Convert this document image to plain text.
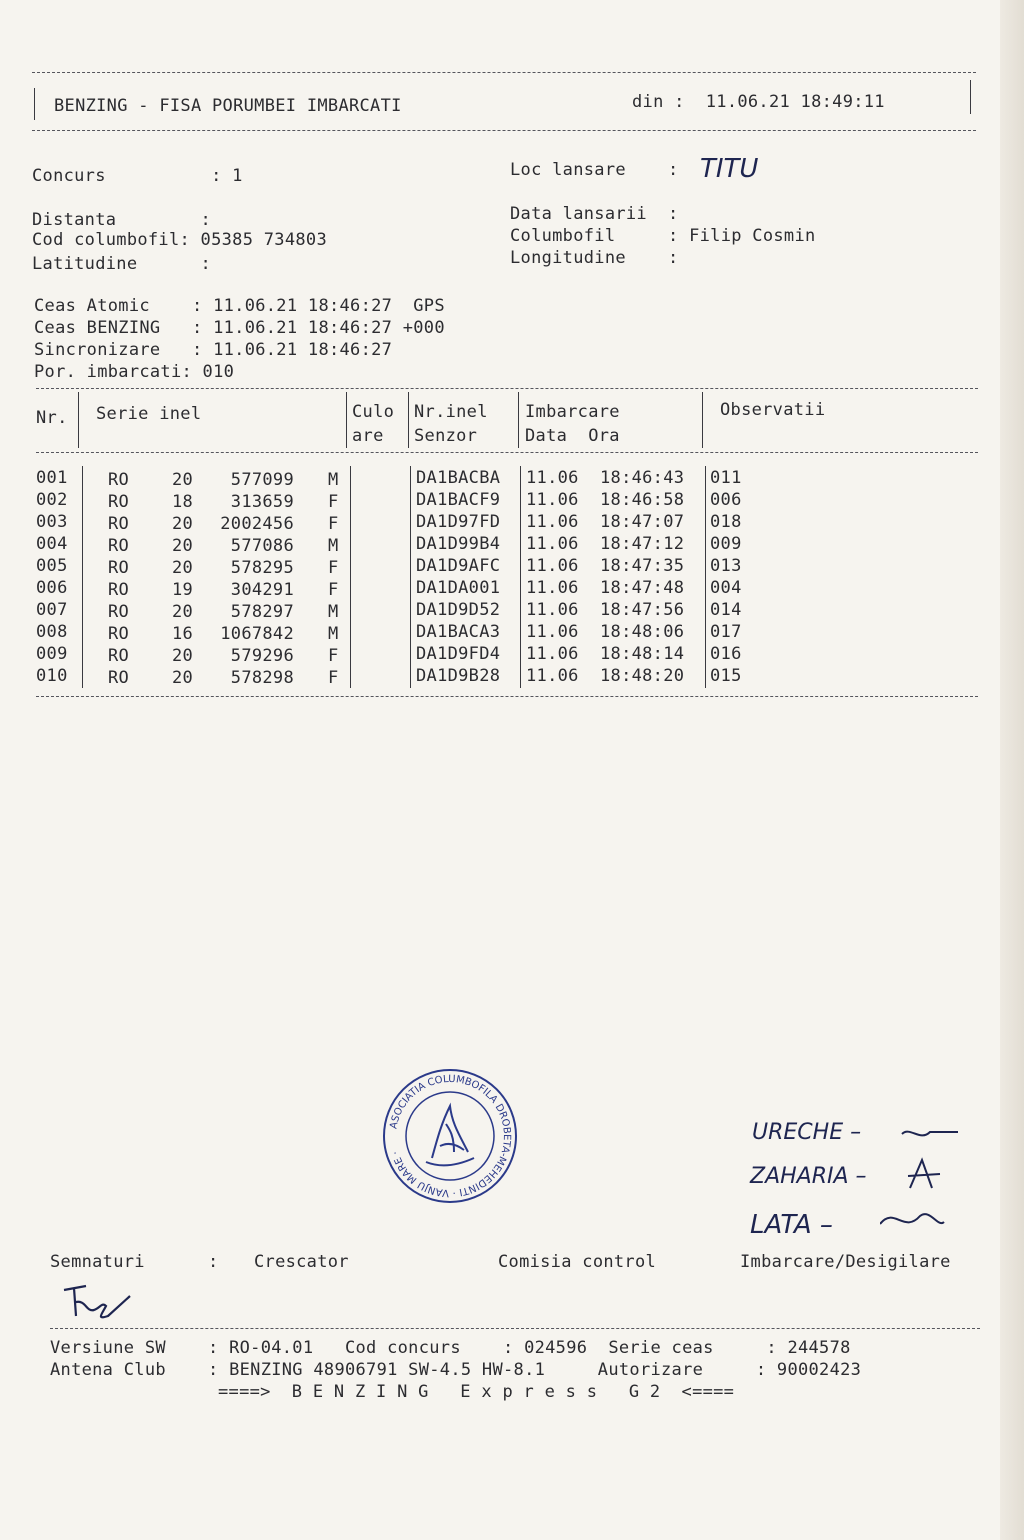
BENZING - FISA PORUMBEI IMBARCATI	din :  11.06.21 18:49:11
Concurs          : 1	Loc lansare    : TITU
Distanta        :
Cod columbofil: 05385 734803
Latitudine      :
Data lansarii  :
Columbofil     : Filip Cosmin
Longitudine    :
Ceas Atomic    : 11.06.21 18:46:27  GPS
Ceas BENZING   : 11.06.21 18:46:27 +000
Sincronizare   : 11.06.21 18:46:27
Por. imbarcati: 010
Nr. Serie inel	Culo
are
Nr.inel
Senzor
Imbarcare
Data  Ora
Observatii
001 RO	20	577099 M	DA1BACBA 11.06 18:46:43 011
002 RO	18	313659 F	DA1BACF9 11.06 18:46:58 006
003 RO	20	2002456 F	DA1D97FD 11.06 18:47:07 018
004 RO	20	577086 M	DA1D99B4 11.06 18:47:12 009
005 RO	20	578295 F	DA1D9AFC 11.06 18:47:35 013
006 RO	19	304291 F	DA1DA001 11.06 18:47:48 004
007 RO	20	578297 M	DA1D9D52 11.06 18:47:56 014
008 RO	16	1067842 M	DA1BACA3 11.06 18:48:06 017
009 RO	20	579296 F	DA1D9FD4 11.06 18:48:14 016
010 RO	20	578298 F	DA1D9B28 11.06 18:48:20 015
ASOCIATIA COLUMBOFILA DROBETA-MEHEDINTI · VANJU MARE ·
URECHE –
ZAHARIA –
LATA –
Semnaturi      : Crescator	Comisia control	Imbarcare/Desigilare
Versiune SW    : RO-04.01   Cod concurs    : 024596  Serie ceas     : 244578
Antena Club    : BENZING 48906791 SW-4.5 HW-8.1     Autorizare     : 90002423
====>  B E N Z I N G   E x p r e s s   G 2  <====
